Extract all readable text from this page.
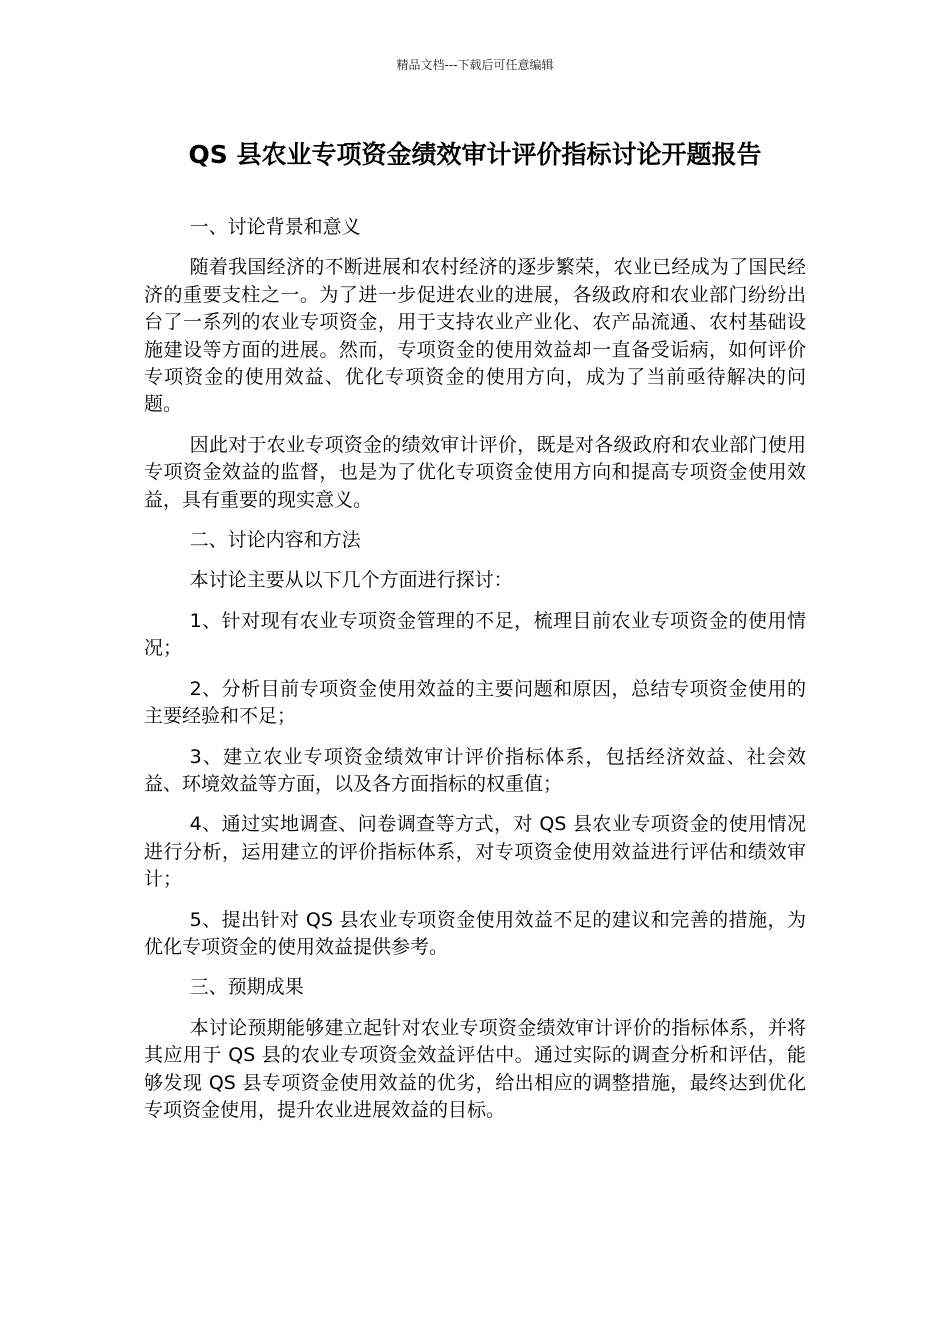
精品文档---下载后可任意编辑
QS 县农业专项资金绩效审计评价指标讨论开题报告

一、讨论背景和意义

随着我国经济的不断进展和农村经济的逐步繁荣，农业已经成为了国民经济的重要支柱之一。为了进一步促进农业的进展，各级政府和农业部门纷纷出台了一系列的农业专项资金，用于支持农业产业化、农产品流通、农村基础设施建设等方面的进展。然而，专项资金的使用效益却一直备受诟病，如何评价专项资金的使用效益、优化专项资金的使用方向，成为了当前亟待解决的问题。

因此对于农业专项资金的绩效审计评价，既是对各级政府和农业部门使用专项资金效益的监督，也是为了优化专项资金使用方向和提高专项资金使用效益，具有重要的现实意义。

二、讨论内容和方法

本讨论主要从以下几个方面进行探讨：

1、针对现有农业专项资金管理的不足，梳理目前农业专项资金的使用情况；

2、分析目前专项资金使用效益的主要问题和原因，总结专项资金使用的主要经验和不足；

3、建立农业专项资金绩效审计评价指标体系，包括经济效益、社会效益、环境效益等方面，以及各方面指标的权重值；

4、通过实地调查、问卷调查等方式，对 QS 县农业专项资金的使用情况进行分析，运用建立的评价指标体系，对专项资金使用效益进行评估和绩效审计；

5、提出针对 QS 县农业专项资金使用效益不足的建议和完善的措施，为优化专项资金的使用效益提供参考。

三、预期成果

本讨论预期能够建立起针对农业专项资金绩效审计评价的指标体系，并将其应用于 QS 县的农业专项资金效益评估中。通过实际的调查分析和评估，能够发现 QS 县专项资金使用效益的优劣，给出相应的调整措施，最终达到优化专项资金使用，提升农业进展效益的目标。
